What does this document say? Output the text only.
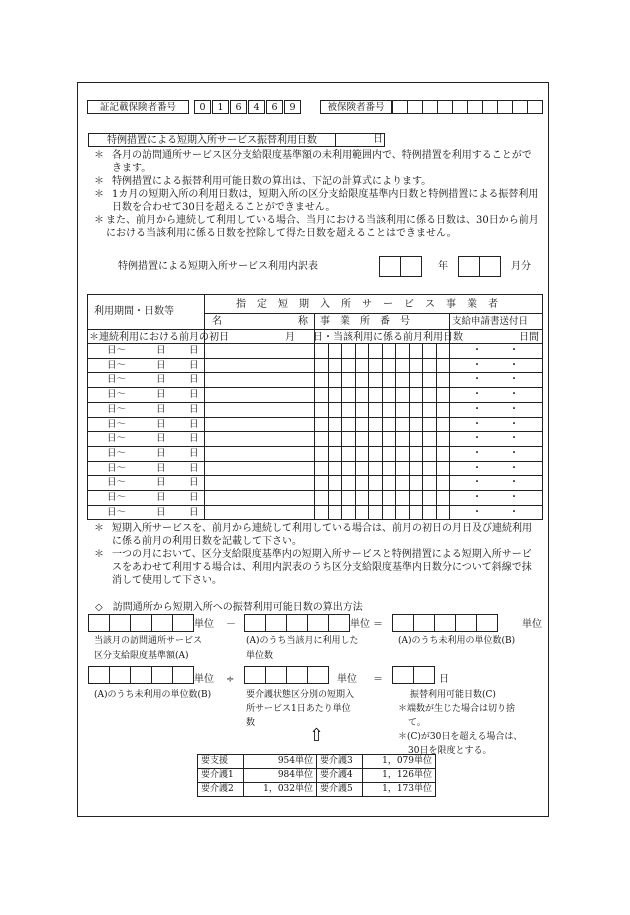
証記載保険者番号	0	1	6	4	6	9	被保険者番号
特例措置による短期入所サービス振替利用日数	日
＊ 各月の訪問通所サービス区分支給限度基準額の未利用範囲内で、特例措置を利用することができます。
＊ 特例措置による振替利用可能日数の算出は、下記の計算式によります。
＊ 1カ月の短期入所の利用日数は，短期入所の区分支給限度基準内日数と特例措置による振替利用日数を合わせて30日を超えることができません。
＊ また、前月から連続して利用している場合、当月における当該利用に係る日数は、30日から前月における当該利用に係る日数を控除して得た日数を超えることはできません。
特例措置による短期入所サービス利用内訳表	年	月分
利用期間・日数等
指　定　短　期　入　所　サ　ー　ビ　ス　事　業　者
名	称 事　業　所　番　号	支給申請書送付日
＊連続利用における前月の初日	月 日・当該利用に係る前月利用日数	日間
日～	日 日	・	・
日～	日 日	・	・
日～	日 日	・	・
日～	日 日	・	・
日～	日 日	・	・
日～	日 日	・	・
日～	日 日	・	・
日～	日 日	・	・
日～	日 日	・	・
日～	日 日	・	・
日～	日 日	・	・
日～	日 日	・	・
＊ 短期入所サービスを、前月から連続して利用している場合は、前月の初日の月日及び連続利用に係る前月の利用日数を記載して下さい。
＊ 一つの月において、区分支給限度基準内の短期入所サービスと特例措置による短期入所サービスをあわせて利用する場合は、利用内訳表のうち区分支給限度基準内日数分について斜線で抹消して使用して下さい。
◇　訪問通所から短期入所への振替利用可能日数の算出方法
単位 －	単位 ＝	単位
当該月の訪問通所サービス
区分支給限度基準額(A)
(A)のうち当該月に利用した
単位数
(A)のうち未利用の単位数(B)
単位 ÷	単位 ＝	日
(A)のうち未利用の単位数(B)	要介護状態区分別の短期入
所サービス1日あたり単位
数
振替利用可能日数(C)
＊端数が生じた場合は切り捨
て。
＊(C)が30日を超える場合は、
30日を限度とする。
⇧
要支援	954単位	要介護3	1，079単位
要介護1	984単位	要介護4	1，126単位
要介護2	1，032単位	要介護5	1，173単位
